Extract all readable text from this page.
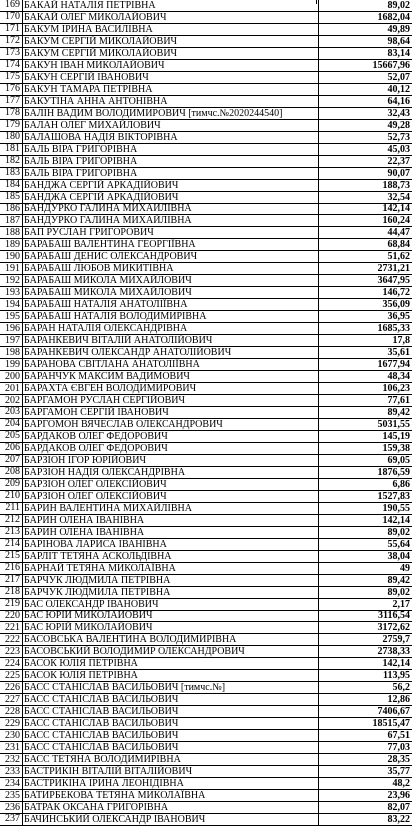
169 БАКАЙ НАТАЛІЯ ПЕТРІВНА	89,02
170 БАКАЙ ОЛЕГ МИКОЛАЙОВИЧ	1682,04
171 БАКУМ ІРИНА ВАСИЛІВНА	49,89
172 БАКУМ СЕРГІЙ МИКОЛАЙОВИЧ	98,64
173 БАКУМ СЕРГІЙ МИКОЛАЙОВИЧ	83,14
174 БАКУН ІВАН МИКОЛАЙОВИЧ	15667,96
175 БАКУН СЕРГІЙ ІВАНОВИЧ	52,07
176 БАКУН ТАМАРА ПЕТРІВНА	40,12
177 БАКУТІНА АННА АНТОНІВНА	64,16
178 БАЛІН ВАДИМ ВОЛОДИМИРОВИЧ [тимчс.№2020244540]	32,43
179 БАЛАН ОЛЕГ МИХАЙЛОВИЧ	49,28
180 БАЛАШОВА НАДІЯ ВІКТОРІВНА	52,73
181 БАЛЬ ВІРА ГРИГОРІВНА	45,03
182 БАЛЬ ВІРА ГРИГОРІВНА	22,37
183 БАЛЬ ВІРА ГРИГОРІВНА	90,07
184 БАНДЖА СЕРГІЙ АРКАДІЙОВИЧ	188,73
185 БАНДЖА СЕРГІЙ АРКАДІЙОВИЧ	32,54
186 БАНДУРКО ГАЛИНА МИХАЙЛІВНА	142,14
187 БАНДУРКО ГАЛИНА МИХАЙЛІВНА	160,24
188 БАП РУСЛАН ГРИГОРОВИЧ	44,47
189 БАРАБАШ ВАЛЕНТИНА ГЕОРГІЇВНА	68,84
190 БАРАБАШ ДЕНИС ОЛЕКСАНДРОВИЧ	51,62
191 БАРАБАШ ЛЮБОВ МИКИТІВНА	2731,21
192 БАРАБАШ МИКОЛА МИХАЙЛОВИЧ	3647,95
193 БАРАБАШ МИКОЛА МИХАЙЛОВИЧ	146,72
194 БАРАБАШ НАТАЛІЯ АНАТОЛІЇВНА	356,09
195 БАРАБАШ НАТАЛІЯ ВОЛОДИМИРІВНА	36,95
196 БАРАН НАТАЛІЯ ОЛЕКСАНДРІВНА	1685,33
197 БАРАНКЕВИЧ ВІТАЛІЙ АНАТОЛІЙОВИЧ	17,8
198 БАРАНКЕВИЧ ОЛЕКСАНДР АНАТОЛІЙОВИЧ	35,61
199 БАРАНОВА СВІТЛАНА АНАТОЛІЇВНА	1677,94
200 БАРАНЧУК МАКСИМ ВАДИМОВИЧ	48,34
201 БАРАХТА ЄВГЕН ВОЛОДИМИРОВИЧ	106,23
202 БАРГАМОН РУСЛАН СЕРГІЙОВИЧ	77,61
203 БАРГАМОН СЕРГІЙ ІВАНОВИЧ	89,42
204 БАРГОМОН ВЯЧЕСЛАВ ОЛЕКСАНДРОВИЧ	5031,55
205 БАРДАКОВ ОЛЕГ ФЕДОРОВИЧ	145,19
206 БАРДАКОВ ОЛЕГ ФЕДОРОВИЧ	159,38
207 БАРЗІОН ІГОР ЮРІЙОВИЧ	69,05
208 БАРЗІОН НАДІЯ ОЛЕКСАНДРІВНА	1876,59
209 БАРЗІОН ОЛЕГ ОЛЕКСІЙОВИЧ	6,86
210 БАРЗІОН ОЛЕГ ОЛЕКСІЙОВИЧ	1527,83
211 БАРИН ВАЛЕНТИНА МИХАЙЛІВНА	190,55
212 БАРИН ОЛЕНА ІВАНІВНА	142,14
213 БАРИН ОЛЕНА ІВАНІВНА	89,02
214 БАРІНОВА ЛАРИСА ІВАНІВНА	55,64
215 БАРЛІТ ТЕТЯНА АСКОЛЬДІВНА	38,04
216 БАРНАЙ ТЕТЯНА МИКОЛАЇВНА	49
217 БАРЧУК ЛЮДМИЛА ПЕТРІВНА	89,42
218 БАРЧУК ЛЮДМИЛА ПЕТРІВНА	89,02
219 БАС ОЛЕКСАНДР ІВАНОВИЧ	2,17
220 БАС ЮРІЙ МИКОЛАЙОВИЧ	3116,54
221 БАС ЮРІЙ МИКОЛАЙОВИЧ	3172,62
222 БАСОВСЬКА ВАЛЕНТИНА ВОЛОДИМИРІВНА	2759,7
223 БАСОВСЬКИЙ ВОЛОДИМИР ОЛЕКСАНДРОВИЧ	2738,33
224 БАСОК ЮЛІЯ ПЕТРІВНА	142,14
225 БАСОК ЮЛІЯ ПЕТРІВНА	113,95
226 БАСС СТАНІСЛАВ ВАСИЛЬОВИЧ [тимчс.№]	56,2
227 БАСС СТАНІСЛАВ ВАСИЛЬОВИЧ	12,86
228 БАСС СТАНІСЛАВ ВАСИЛЬОВИЧ	7406,67
229 БАСС СТАНІСЛАВ ВАСИЛЬОВИЧ	18515,47
230 БАСС СТАНІСЛАВ ВАСИЛЬОВИЧ	67,51
231 БАСС СТАНІСЛАВ ВАСИЛЬОВИЧ	77,03
232 БАСС ТЕТЯНА ВОЛОДИМИРІВНА	28,35
233 БАСТРИКІН ВІТАЛІЙ ВІТАЛІЙОВИЧ	35,77
234 БАСТРИКІНА ІРИНА ЛЕОНІДІВНА	48,2
235 БАТИРБЕКОВА ТЕТЯНА МИКОЛАЇВНА	23,96
236 БАТРАК ОКСАНА ГРИГОРІВНА	82,07
237 БАЧИНСЬКИЙ ОЛЕКСАНДР ІВАНОВИЧ	83,22
